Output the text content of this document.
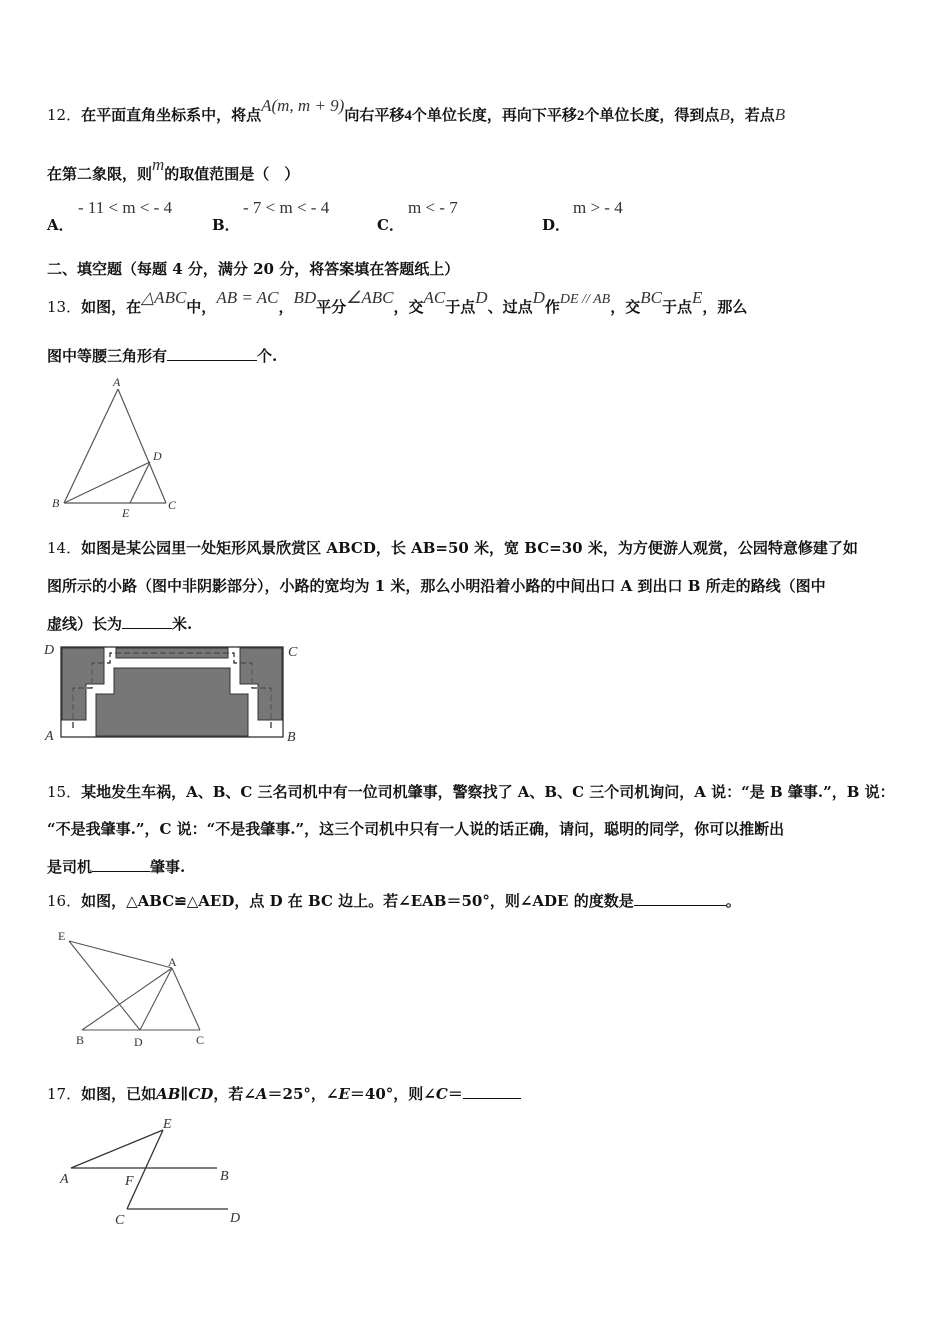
12．在平面直角坐标系中，将点A(m, m + 9)向右平移4个单位长度，再向下平移2个单位长度，得到点B，若点B
在第二象限，则m的取值范围是（　）
A．
- 11 < m < - 4
B．
- 7 < m < - 4
C．
m < - 7
D．
m > - 4
二、填空题（每题 4 分，满分 20 分，将答案填在答题纸上）
13．如图，在△ABC中，AB = AC，BD平分∠ABC，交AC于点D、过点D作DE // AB，交BC于点E，那么
图中等腰三角形有	个.
A
D
B	C
E
14．如图是某公园里一处矩形风景欣赏区 ABCD，长 AB=50 米，宽 BC=30 米，为方便游人观赏，公园特意修建了如
图所示的小路（图中非阴影部分），小路的宽均为 1 米，那么小明沿着小路的中间出口 A 到出口 B 所走的路线（图中
虚线）长为	米.
D	C
A	B
15．某地发生车祸，A、B、C 三名司机中有一位司机肇事，警察找了 A、B、C 三个司机询问，A 说：“是 B 肇事.”，B 说：
“不是我肇事.”，C 说：“不是我肇事.”，这三个司机中只有一人说的话正确，请问，聪明的同学，你可以推断出
是司机	肇事.
16．如图，△ABC≌△AED，点 D 在 BC 边上。若∠EAB＝50°，则∠ADE 的度数是	。
E
A
B	D	C
17．如图，已如AB∥CD，若∠A＝25°，∠E＝40°，则∠C＝
E
A	F	B
C	D
